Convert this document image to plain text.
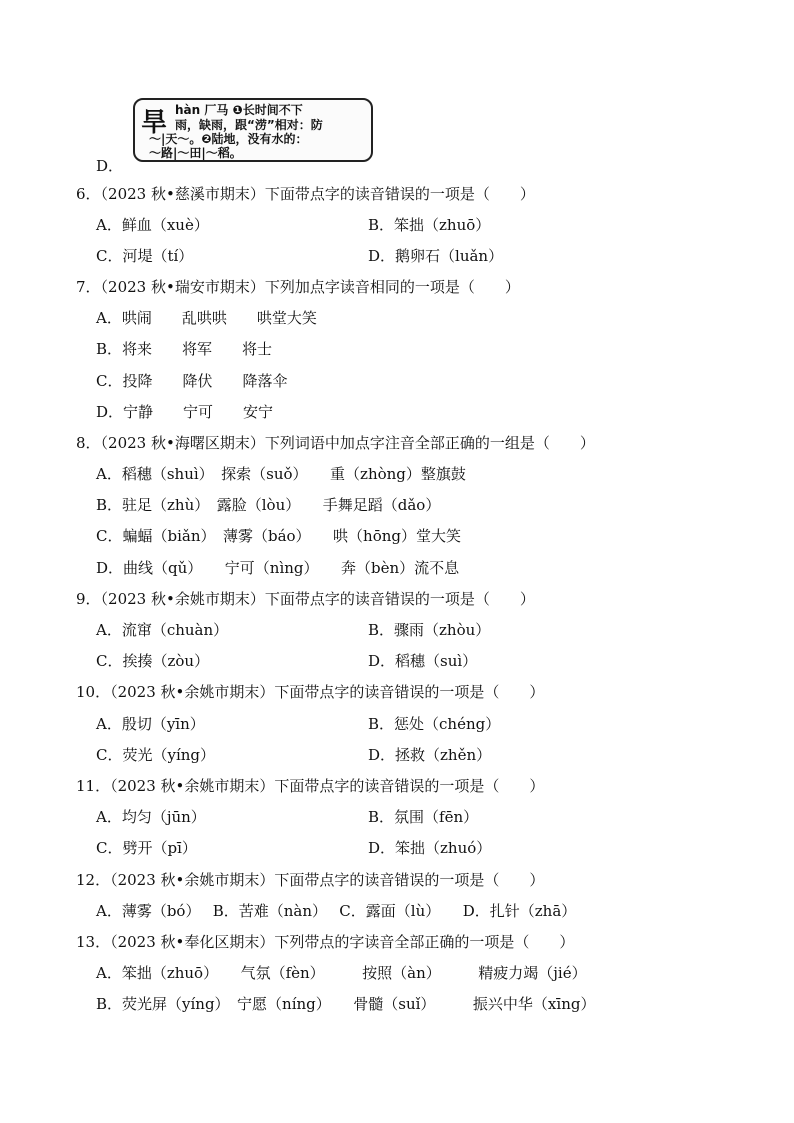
D．
旱 hàn 厂马 ❶长时间不下
雨，缺雨，跟“涝”相对：防
～|天～。❷陆地，没有水的：
～路|～田|～稻。
6．（2023 秋•慈溪市期末）下面带点字的读音错误的一项是（　　）
A．鲜血（xuè）	B．笨拙（zhuō）
C．河堤（tí）	D．鹅卵石（luǎn）
7．（2023 秋•瑞安市期末）下列加点字读音相同的一项是（　　）
A．哄闹　　乱哄哄　　哄堂大笑
B．将来　　将军　　将士
C．投降　　降伏　　降落伞
D．宁静　　宁可　　安宁
8．（2023 秋•海曙区期末）下列词语中加点字注音全部正确的一组是（　　）
A．稻穗（shuì）　探索（suǒ）　　重（zhòng）整旗鼓
B．驻足（zhù）　露脸（lòu）　　手舞足蹈（dǎo）
C．蝙蝠（biǎn）　薄雾（báo）　　哄（hōng）堂大笑
D．曲线（qǔ）　　宁可（nìng）　　奔（bèn）流不息
9．（2023 秋•余姚市期末）下面带点字的读音错误的一项是（　　）
A．流窜（chuàn）	B．骤雨（zhòu）
C．挨揍（zòu）	D．稻穗（suì）
10．（2023 秋•余姚市期末）下面带点字的读音错误的一项是（　　）
A．殷切（yīn）	B．惩处（chéng）
C．荧光（yíng）	D．拯救（zhěn）
11．（2023 秋•余姚市期末）下面带点字的读音错误的一项是（　　）
A．均匀（jūn）	B．氛围（fēn）
C．劈开（pī）	D．笨拙（zhuó）
12．（2023 秋•余姚市期末）下面带点字的读音错误的一项是（　　）
A．薄雾（bó）　 B．苦难（nàn）　 C．露面（lù）　　D．扎针（zhā）
13．（2023 秋•奉化区期末）下列带点的字读音全部正确的一项是（　　）
A．笨拙（zhuō）　　气氛（fèn）　　　按照（àn）　　　精疲力竭（jié）
B．荧光屏（yíng）　宁愿（níng）　　骨髓（suǐ）　　　振兴中华（xīng）
